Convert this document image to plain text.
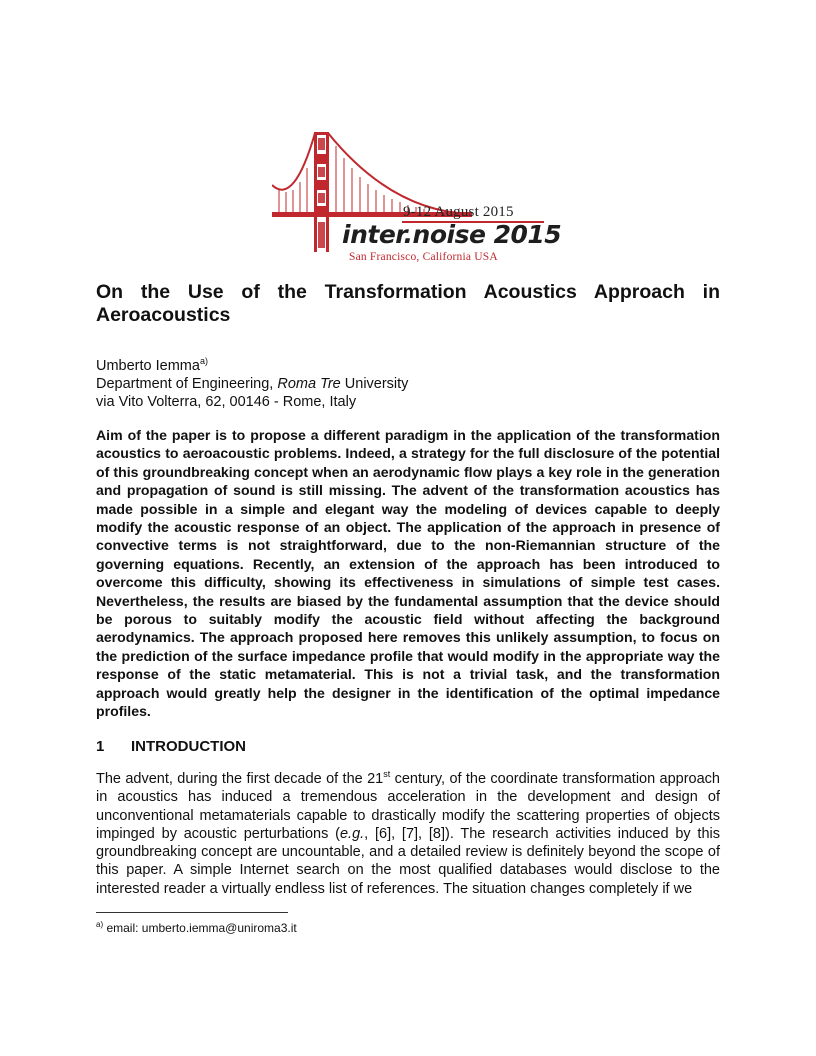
9-12 August 2015
inter.noise 2015
San Francisco, California USA
On the Use of the Transformation Acoustics Approach in Aeroacoustics
Umberto Iemma$^{a)}$
Department of Engineering, Roma Tre University
via Vito Volterra, 62, 00146 - Rome, Italy

Aim of the paper is to propose a different paradigm in the application of the transformation acoustics to aeroacoustic problems. Indeed, a strategy for the full disclosure of the potential of this groundbreaking concept when an aerodynamic flow plays a key role in the generation and propagation of sound is still missing. The advent of the transformation acoustics has made possible in a simple and elegant way the modeling of devices capable to deeply modify the acoustic response of an object. The application of the approach in presence of convective terms is not straightforward, due to the non-Riemannian structure of the governing equations. Recently, an extension of the approach has been introduced to overcome this difficulty, showing its effectiveness in simulations of simple test cases. Nevertheless, the results are biased by the fundamental assumption that the device should be porous to suitably modify the acoustic field without affecting the background aerodynamics. The approach proposed here removes this unlikely assumption, to focus on the prediction of the surface impedance profile that would modify in the appropriate way the response of the static metamaterial. This is not a trivial task, and the transformation approach would greatly help the designer in the identification of the optimal impedance profiles.

1 INTRODUCTION

The advent, during the first decade of the 21st century, of the coordinate transformation approach in acoustics has induced a tremendous acceleration in the development and design of unconventional metamaterials capable to drastically modify the scattering properties of objects impinged by acoustic perturbations (e.g., [6], [7], [8]). The research activities induced by this groundbreaking concept are uncountable, and a detailed review is definitely beyond the scope of this paper. A simple Internet search on the most qualified databases would disclose to the interested reader a virtually endless list of references. The situation changes completely if we

$^{a)}$ email: umberto.iemma@uniroma3.it
